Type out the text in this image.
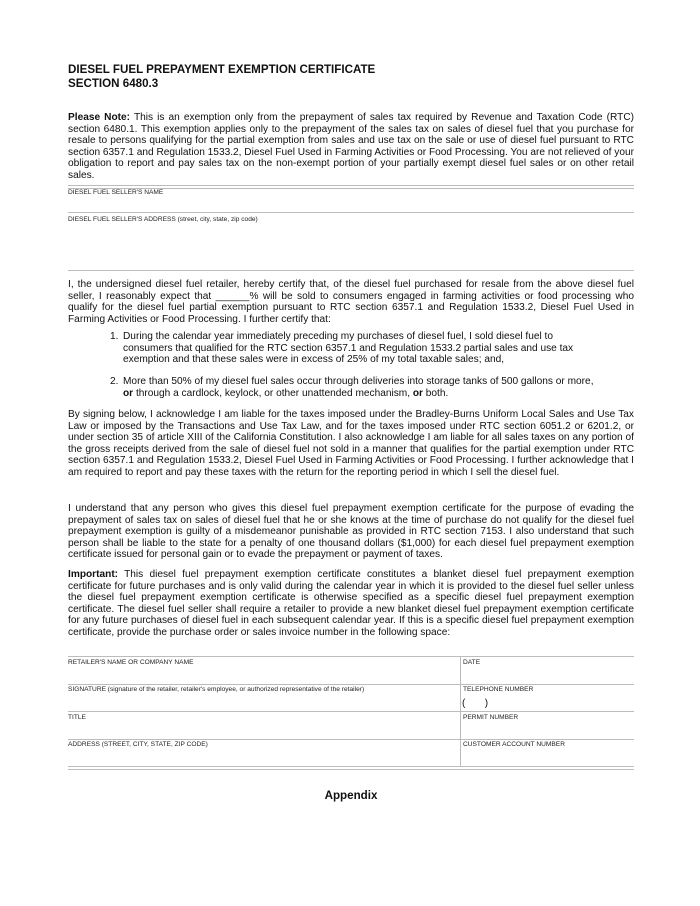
DIESEL FUEL PREPAYMENT EXEMPTION CERTIFICATE
SECTION 6480.3

Please Note: This is an exemption only from the prepayment of sales tax required by Revenue and Taxation Code (RTC) section 6480.1. This exemption applies only to the prepayment of the sales tax on sales of diesel fuel that you purchase for resale to persons qualifying for the partial exemption from sales and use tax on the sale or use of diesel fuel pursuant to RTC section 6357.1 and Regulation 1533.2, Diesel Fuel Used in Farming Activities or Food Processing. You are not relieved of your obligation to report and pay sales tax on the non-exempt portion of your partially exempt diesel fuel sales or on other retail sales.

DIESEL FUEL SELLER'S NAME
DIESEL FUEL SELLER'S ADDRESS (street, city, state, zip code)

I, the undersigned diesel fuel retailer, hereby certify that, of the diesel fuel purchased for resale from the above diesel fuel seller, I reasonably expect that ______% will be sold to consumers engaged in farming activities or food processing who qualify for the diesel fuel partial exemption pursuant to RTC section 6357.1 and Regulation 1533.2, Diesel Fuel Used in Farming Activities or Food Processing. I further certify that:

1. During the calendar year immediately preceding my purchases of diesel fuel, I sold diesel fuel to consumers that qualified for the RTC section 6357.1 and Regulation 1533.2 partial sales and use tax exemption and that these sales were in excess of 25% of my total taxable sales; and,
2. More than 50% of my diesel fuel sales occur through deliveries into storage tanks of 500 gallons or more, or through a cardlock, keylock, or other unattended mechanism, or both.

By signing below, I acknowledge I am liable for the taxes imposed under the Bradley-Burns Uniform Local Sales and Use Tax Law or imposed by the Transactions and Use Tax Law, and for the taxes imposed under RTC section 6051.2 or 6201.2, or under section 35 of article XIII of the California Constitution. I also acknowledge I am liable for all sales taxes on any portion of the gross receipts derived from the sale of diesel fuel not sold in a manner that qualifies for the partial exemption under RTC section 6357.1 and Regulation 1533.2, Diesel Fuel Used in Farming Activities or Food Processing. I further acknowledge that I am required to report and pay these taxes with the return for the reporting period in which I sell the diesel fuel.

I understand that any person who gives this diesel fuel prepayment exemption certificate for the purpose of evading the prepayment of sales tax on sales of diesel fuel that he or she knows at the time of purchase do not qualify for the diesel fuel prepayment exemption is guilty of a misdemeanor punishable as provided in RTC section 7153. I also understand that such person shall be liable to the state for a penalty of one thousand dollars ($1,000) for each diesel fuel prepayment exemption certificate issued for personal gain or to evade the prepayment or payment of taxes.

Important: This diesel fuel prepayment exemption certificate constitutes a blanket diesel fuel prepayment exemption certificate for future purchases and is only valid during the calendar year in which it is provided to the diesel fuel seller unless the diesel fuel prepayment exemption certificate is otherwise specified as a specific diesel fuel prepayment exemption certificate. The diesel fuel seller shall require a retailer to provide a new blanket diesel fuel prepayment exemption certificate for any future purchases of diesel fuel in each subsequent calendar year. If this is a specific diesel fuel prepayment exemption certificate, provide the purchase order or sales invoice number in the following space:

RETAILER'S NAME OR COMPANY NAME	DATE
SIGNATURE (signature of the retailer, retailer's employee, or authorized representative of the retailer)	TELEPHONE NUMBER
(       )
TITLE	PERMIT NUMBER
ADDRESS (STREET, CITY, STATE, ZIP CODE)	CUSTOMER ACCOUNT NUMBER
Appendix
